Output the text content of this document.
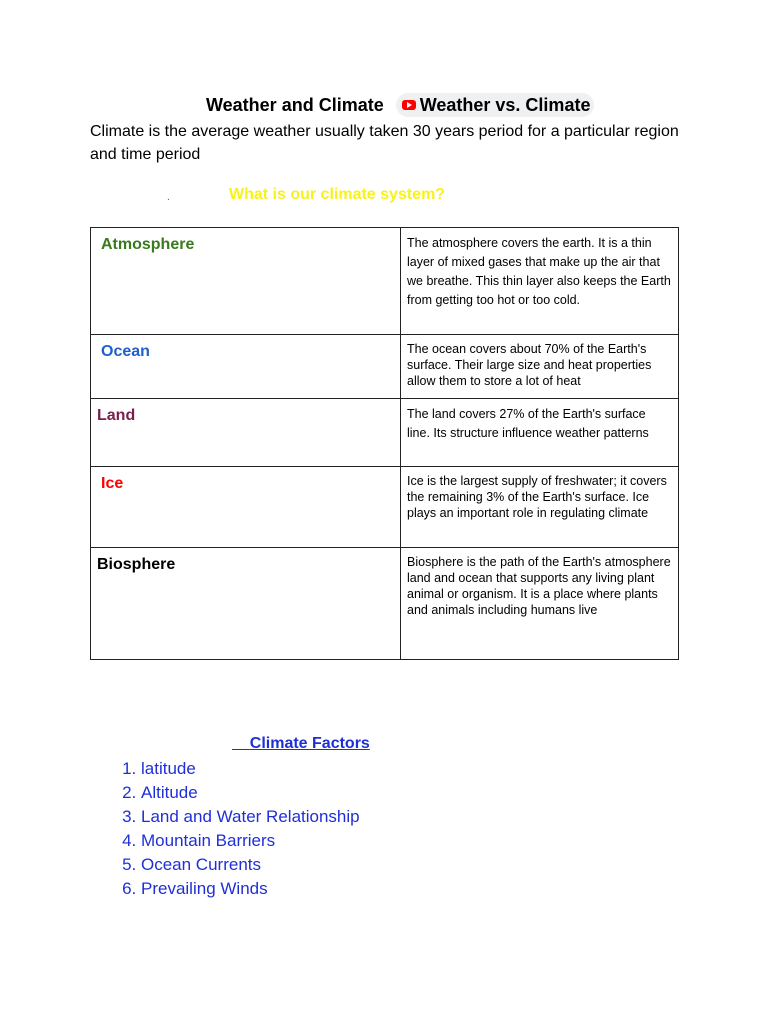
Weather and Climate Weather vs. Climate
Climate is the average weather usually taken 30 years period for a particular region and time period
.	What is our climate system?
Atmosphere	The atmosphere covers the earth. It is a thin layer of mixed gases that make up the air that we breathe. This thin layer also keeps the Earth from getting too hot or too cold.
Ocean	The ocean covers about 70% of the Earth's surface. Their large size and heat properties allow them to store a lot of heat
Land	The land covers 27% of the Earth's surface line. Its structure influence weather patterns
Ice	Ice is the largest supply of freshwater; it covers the remaining 3% of the Earth's surface. Ice plays an important role in regulating climate
Biosphere	Biosphere is the path of the Earth's atmosphere land and ocean that supports any living plant animal or organism. It is a place where plants and animals including humans live
Climate Factors
1. latitude
2. Altitude
3. Land and Water Relationship
4. Mountain Barriers
5. Ocean Currents
6. Prevailing Winds
